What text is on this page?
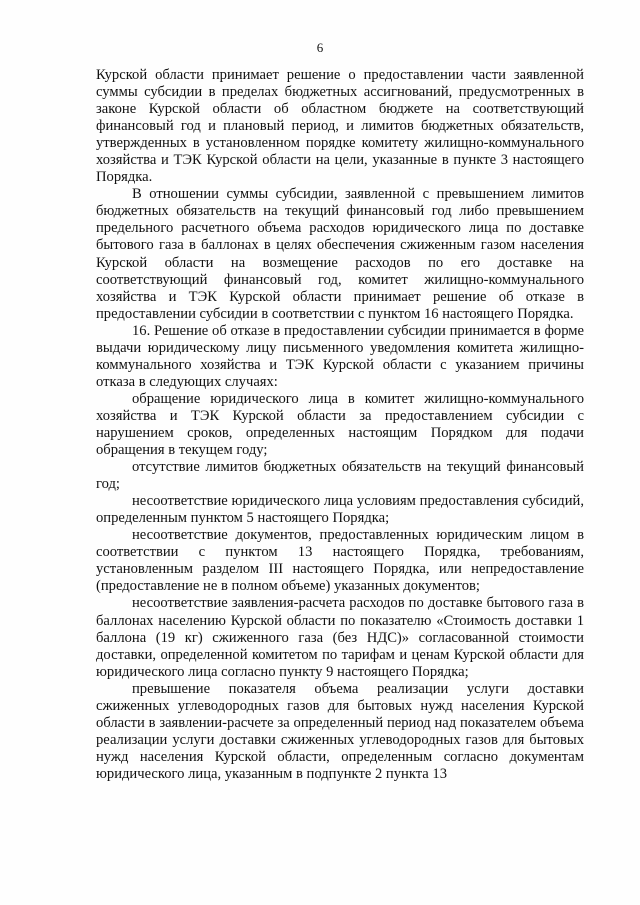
6

Курской области принимает решение о предоставлении части заявленной суммы субсидии в пределах бюджетных ассигнований, предусмотренных в законе Курской области об областном бюджете на соответствующий финансовый год и плановый период, и лимитов бюджетных обязательств, утвержденных в установленном порядке комитету жилищно-коммунального хозяйства и ТЭК Курской области на цели, указанные в пункте 3 настоящего Порядка.

В отношении суммы субсидии, заявленной с превышением лимитов бюджетных обязательств на текущий финансовый год либо превышением предельного расчетного объема расходов юридического лица по доставке бытового газа в баллонах в целях обеспечения сжиженным газом населения Курской области на возмещение расходов по его доставке на соответствующий финансовый год, комитет жилищно-коммунального хозяйства и ТЭК Курской области принимает решение об отказе в предоставлении субсидии в соответствии с пунктом 16 настоящего Порядка.

16. Решение об отказе в предоставлении субсидии принимается в форме выдачи юридическому лицу письменного уведомления комитета жилищно-коммунального хозяйства и ТЭК Курской области с указанием причины отказа в следующих случаях:

обращение юридического лица в комитет жилищно-коммунального хозяйства и ТЭК Курской области за предоставлением субсидии с нарушением сроков, определенных настоящим Порядком для подачи обращения в текущем году;

отсутствие лимитов бюджетных обязательств на текущий финансовый год;

несоответствие юридического лица условиям предоставления субсидий, определенным пунктом 5 настоящего Порядка;

несоответствие документов, предоставленных юридическим лицом в соответствии с пунктом 13 настоящего Порядка, требованиям, установленным разделом III настоящего Порядка, или непредоставление (предоставление не в полном объеме) указанных документов;

несоответствие заявления-расчета расходов по доставке бытового газа в баллонах населению Курской области по показателю «Стоимость доставки 1 баллона (19 кг) сжиженного газа (без НДС)» согласованной стоимости доставки, определенной комитетом по тарифам и ценам Курской области для юридического лица согласно пункту 9 настоящего Порядка;

превышение показателя объема реализации услуги доставки сжиженных углеводородных газов для бытовых нужд населения Курской области в заявлении-расчете за определенный период над показателем объема реализации услуги доставки сжиженных углеводородных газов для бытовых нужд населения Курской области, определенным согласно документам юридического лица, указанным в подпункте 2 пункта 13
